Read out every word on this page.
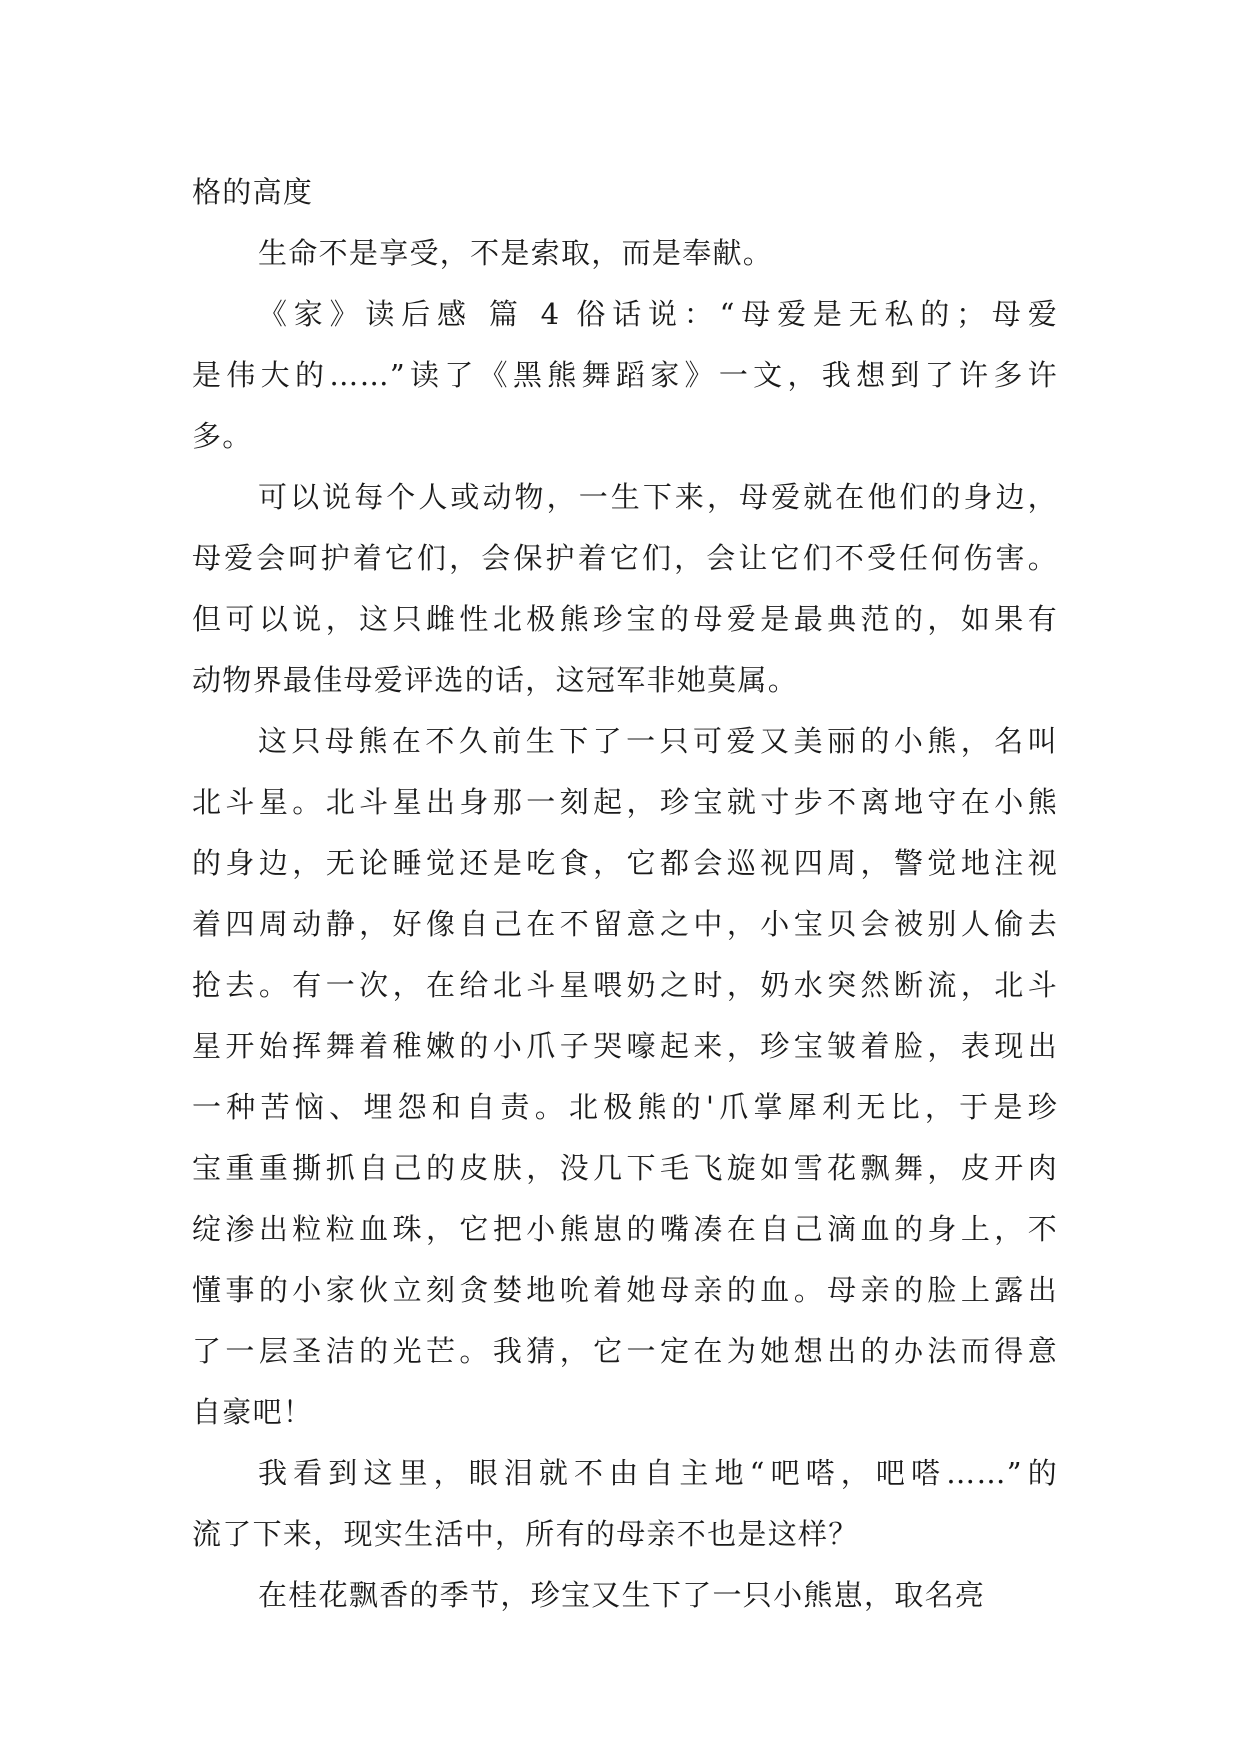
格的高度
生命不是享受，不是索取，而是奉献。
《家》读后感 篇 4 俗话说：“母爱是无私的；母爱
是伟大的……”读了《黑熊舞蹈家》一文，我想到了许多许
多。
可以说每个人或动物，一生下来，母爱就在他们的身边，
母爱会呵护着它们，会保护着它们，会让它们不受任何伤害。
但可以说，这只雌性北极熊珍宝的母爱是最典范的，如果有
动物界最佳母爱评选的话，这冠军非她莫属。
这只母熊在不久前生下了一只可爱又美丽的小熊，名叫
北斗星。北斗星出身那一刻起，珍宝就寸步不离地守在小熊
的身边，无论睡觉还是吃食，它都会巡视四周，警觉地注视
着四周动静，好像自己在不留意之中，小宝贝会被别人偷去
抢去。有一次，在给北斗星喂奶之时，奶水突然断流，北斗
星开始挥舞着稚嫩的小爪子哭嚎起来，珍宝皱着脸，表现出
一种苦恼、埋怨和自责。北极熊的'爪掌犀利无比，于是珍
宝重重撕抓自己的皮肤，没几下毛飞旋如雪花飘舞，皮开肉
绽渗出粒粒血珠，它把小熊崽的嘴凑在自己滴血的身上，不
懂事的小家伙立刻贪婪地吮着她母亲的血。母亲的脸上露出
了一层圣洁的光芒。我猜，它一定在为她想出的办法而得意
自豪吧！
我看到这里，眼泪就不由自主地“吧嗒，吧嗒……”的
流了下来，现实生活中，所有的母亲不也是这样？
在桂花飘香的季节，珍宝又生下了一只小熊崽，取名亮
